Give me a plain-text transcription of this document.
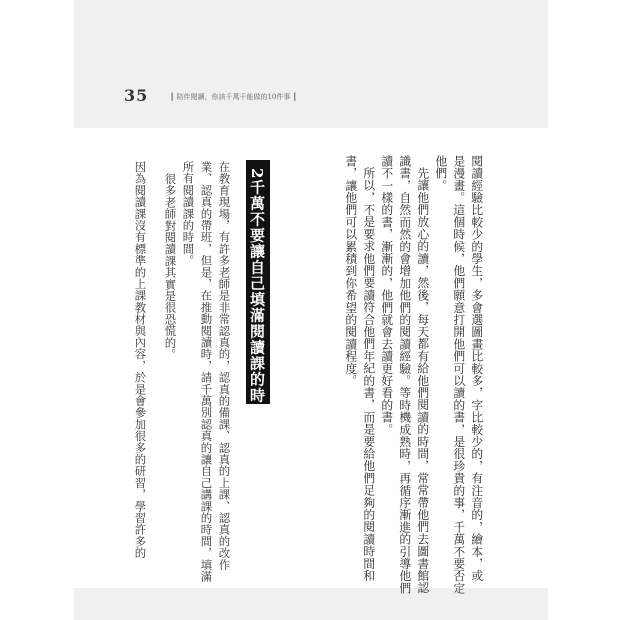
35	┃ 陪伴閱讀，你該千萬千能做的10件事 ┃
閱讀經驗比較少的學生，多會選圖畫比較多，字比較少的，有注音的，繪本，或
是漫畫。這個時候，他們願意打開他們可以讀的書，是很珍貴的事，千萬不要否定
他們。
先讓他們放心的讀，然後，每天都有給他們閱讀的時間，常常帶他們去圖書館認
識書，自然而然的會增加他們的閱讀經驗。等時機成熟時，再循序漸進的引導他們
讀不一樣的書，漸漸的，他們就會去讀更好看的書。
所以，不是要求他們要讀符合他們年紀的書，而是要給他們足夠的閱讀時間和
書，讓他們可以累積到你希望的閱讀程度。
2千萬不要讓自己填滿閱讀課的時間。
在教育現場，有許多老師是非常認真的，認真的備課、認真的上課、認真的改作
業、認真的帶班，但是，在推動閱讀時，請千萬別認真的讓自己講課的時間，填滿
所有閱讀課的時間。
很多老師對閱讀課其實是很恐慌的。
因為閱讀課沒有標準的上課教材與內容，於是會參加很多的研習，學習許多的
